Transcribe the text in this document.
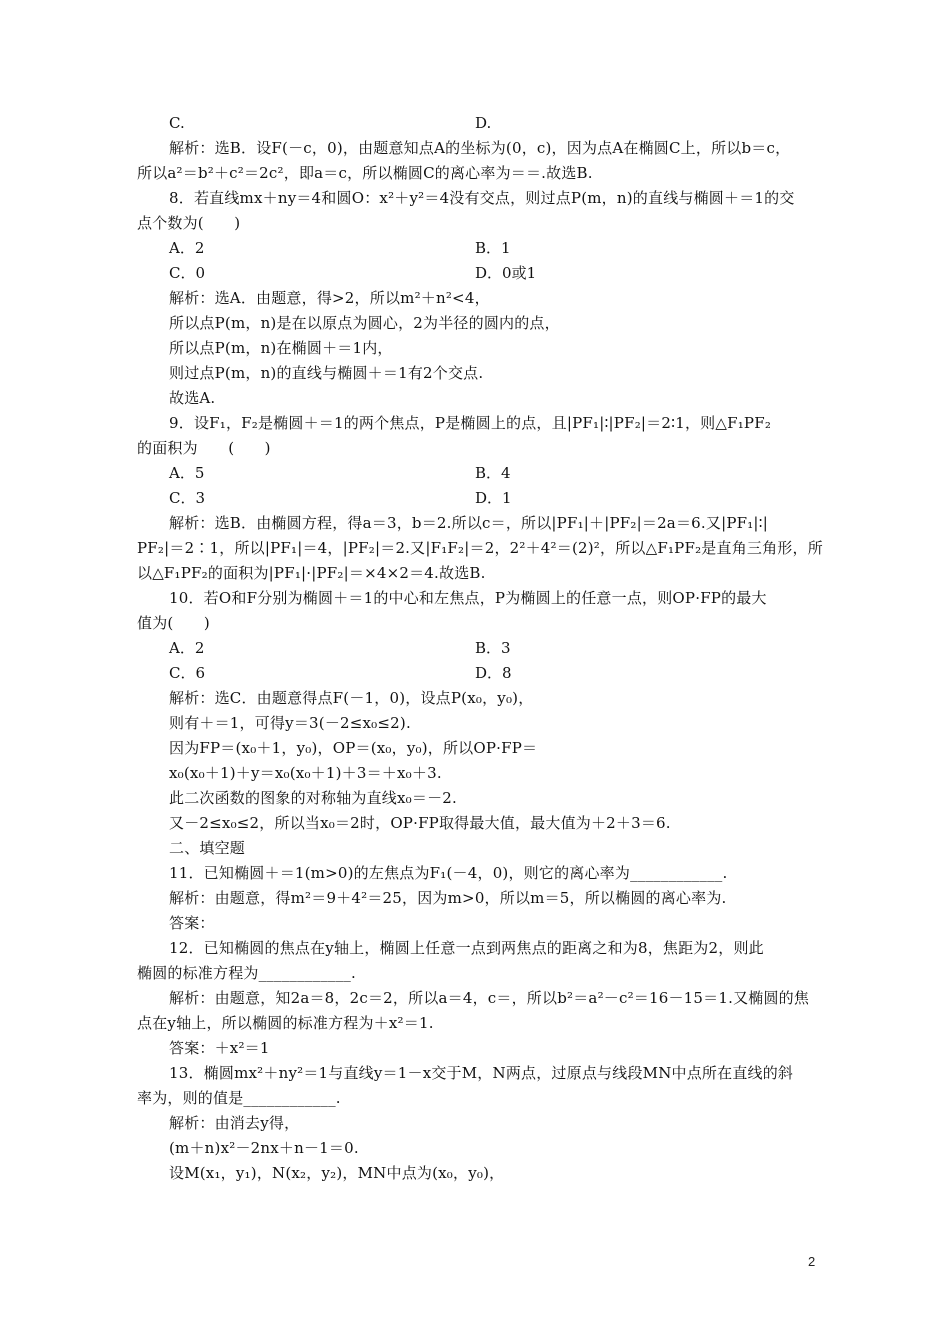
C.	D.
解析：选B．设F(－c，0)，由题意知点A的坐标为(0，c)，因为点A在椭圆C上，所以b＝c，
所以a²＝b²＋c²＝2c²，即a＝c，所以椭圆C的离心率为＝＝.故选B.
8．若直线mx＋ny＝4和圆O：x²＋y²＝4没有交点，则过点P(m，n)的直线与椭圆＋＝1的交
点个数为(　　)
A．2	B．1
C．0	D．0或1
解析：选A．由题意，得>2，所以m²＋n²<4，
所以点P(m，n)是在以原点为圆心，2为半径的圆内的点，
所以点P(m，n)在椭圆＋＝1内，
则过点P(m，n)的直线与椭圆＋＝1有2个交点.
故选A.
9．设F₁，F₂是椭圆＋＝1的两个焦点，P是椭圆上的点，且|PF₁|∶|PF₂|＝2∶1，则△F₁PF₂
的面积为　　(　　)
A．5	B．4
C．3	D．1
解析：选B．由椭圆方程，得a＝3，b＝2.所以c＝，所以|PF₁|＋|PF₂|＝2a＝6.又|PF₁|∶|
PF₂|＝2∶1，所以|PF₁|＝4，|PF₂|＝2.又|F₁F₂|＝2，2²＋4²＝(2)²，所以△F₁PF₂是直角三角形，所
以△F₁PF₂的面积为|PF₁|·|PF₂|＝×4×2＝4.故选B.
10．若O和F分别为椭圆＋＝1的中心和左焦点，P为椭圆上的任意一点，则OP·FP的最大
值为(　　)
A．2	B．3
C．6	D．8
解析：选C．由题意得点F(－1，0)，设点P(x₀，y₀)，
则有＋＝1，可得y＝3(－2≤x₀≤2).
因为FP＝(x₀＋1，y₀)，OP＝(x₀，y₀)，所以OP·FP＝
x₀(x₀＋1)＋y＝x₀(x₀＋1)＋3＝＋x₀＋3.
此二次函数的图象的对称轴为直线x₀＝－2.
又－2≤x₀≤2，所以当x₀＝2时，OP·FP取得最大值，最大值为＋2＋3＝6.
二、填空题
11．已知椭圆＋＝1(m>0)的左焦点为F₁(－4，0)，则它的离心率为____________.
解析：由题意，得m²＝9＋4²＝25，因为m>0，所以m＝5，所以椭圆的离心率为.
答案：
12．已知椭圆的焦点在y轴上，椭圆上任意一点到两焦点的距离之和为8，焦距为2，则此
椭圆的标准方程为____________.
解析：由题意，知2a＝8，2c＝2，所以a＝4，c＝，所以b²＝a²－c²＝16－15＝1.又椭圆的焦
点在y轴上，所以椭圆的标准方程为＋x²＝1.
答案：＋x²＝1
13．椭圆mx²＋ny²＝1与直线y＝1－x交于M，N两点，过原点与线段MN中点所在直线的斜
率为，则的值是____________.
解析：由消去y得，
(m＋n)x²－2nx＋n－1＝0.
设M(x₁，y₁)，N(x₂，y₂)，MN中点为(x₀，y₀)，
2
